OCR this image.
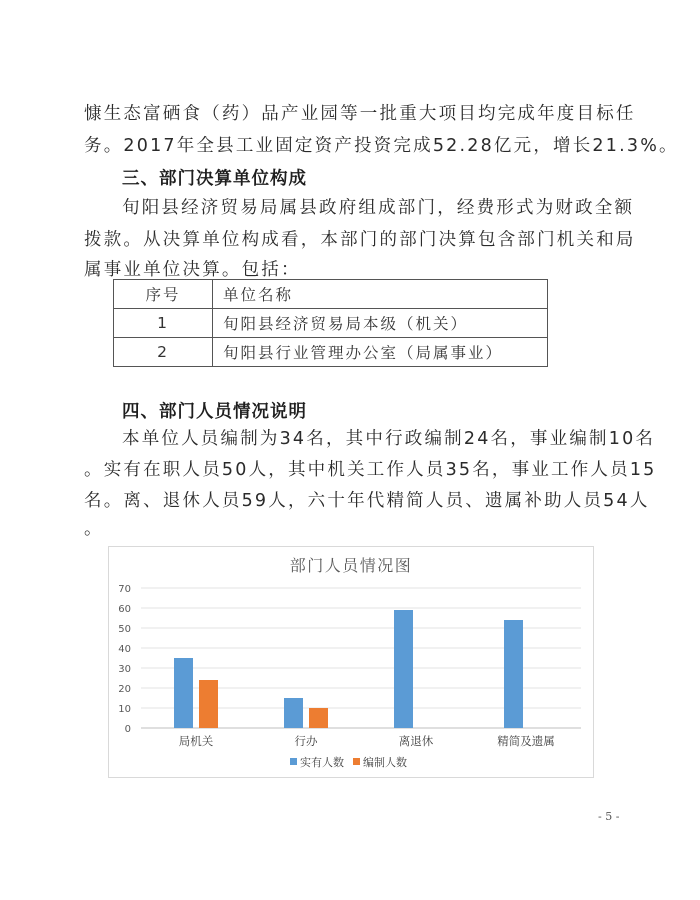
慷生态富硒食（药）品产业园等一批重大项目均完成年度目标任
务。2017年全县工业固定资产投资完成52.28亿元，增长21.3%。
三、部门决算单位构成
旬阳县经济贸易局属县政府组成部门，经费形式为财政全额
拨款。从决算单位构成看，本部门的部门决算包含部门机关和局
属事业单位决算。包括：
序号	单位名称
1	旬阳县经济贸易局本级（机关）
2	旬阳县行业管理办公室（局属事业）
四、部门人员情况说明
本单位人员编制为34名，其中行政编制24名，事业编制10名
。实有在职人员50人，其中机关工作人员35名，事业工作人员15
名。离、退休人员59人，六十年代精简人员、遗属补助人员54人
。
部门人员情况图
0
10
20
30
40
50
60
70
局机关	行办	离退休	精简及遗属
实有人数 编制人数
- 5 -
